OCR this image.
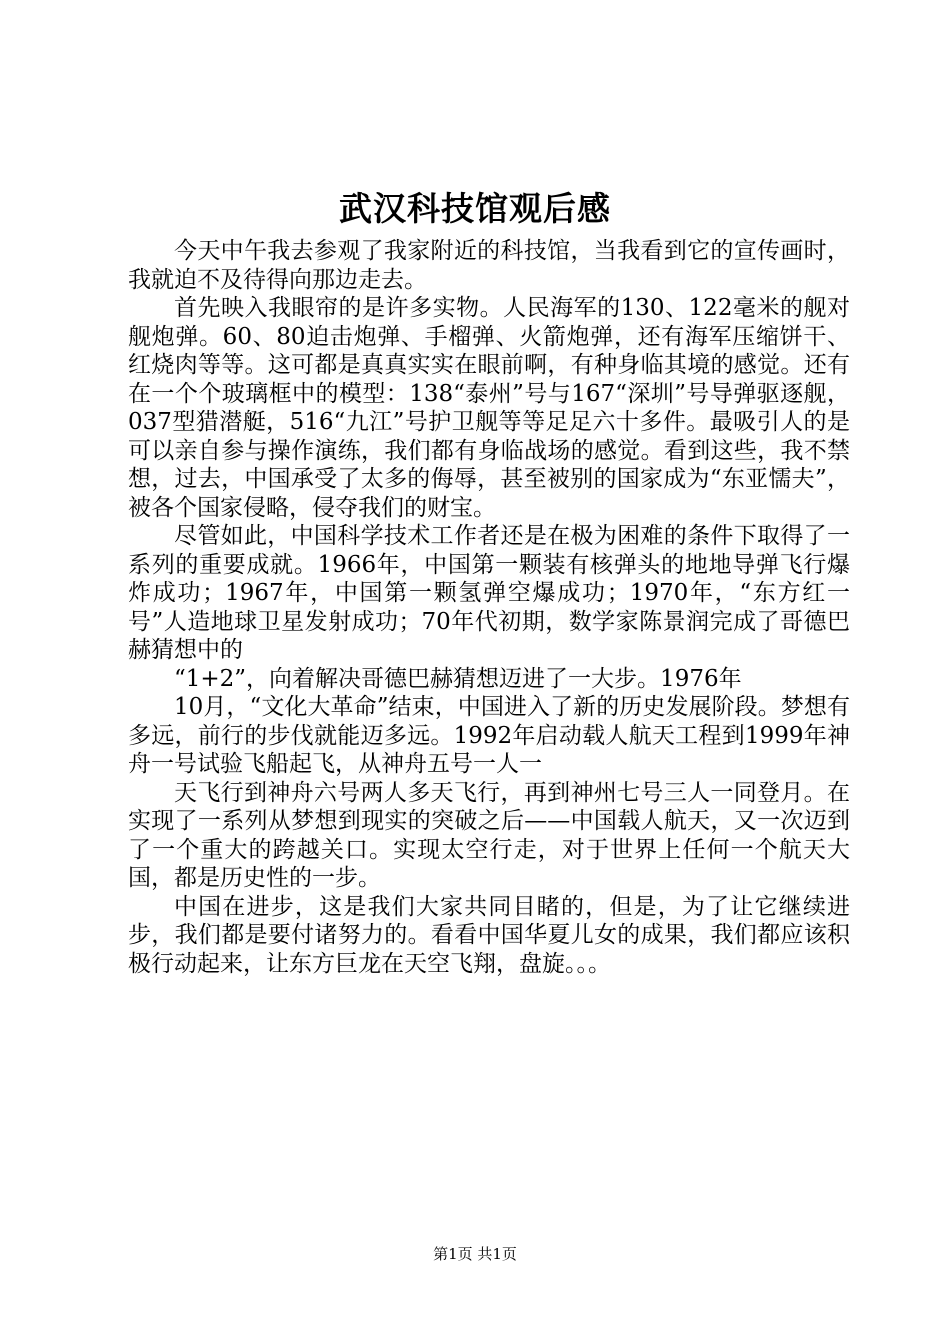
武汉科技馆观后感

今天中午我去参观了我家附近的科技馆，当我看到它的宣传画时，我就迫不及待得向那边走去。

首先映入我眼帘的是许多实物。人民海军的130、122毫米的舰对舰炮弹。60、80迫击炮弹、手榴弹、火箭炮弹，还有海军压缩饼干、红烧肉等等。这可都是真真实实在眼前啊，有种身临其境的感觉。还有在一个个玻璃框中的模型：138“泰州”号与167“深圳”号导弹驱逐舰，037型猎潜艇，516“九江”号护卫舰等等足足六十多件。最吸引人的是可以亲自参与操作演练，我们都有身临战场的感觉。看到这些，我不禁想，过去，中国承受了太多的侮辱，甚至被别的国家成为“东亚懦夫”，被各个国家侵略，侵夺我们的财宝。

尽管如此，中国科学技术工作者还是在极为困难的条件下取得了一系列的重要成就。1966年，中国第一颗装有核弹头的地地导弹飞行爆炸成功；1967年，中国第一颗氢弹空爆成功；1970年，“东方红一号”人造地球卫星发射成功；70年代初期，数学家陈景润完成了哥德巴赫猜想中的

“1+2”，向着解决哥德巴赫猜想迈进了一大步。1976年

10月，“文化大革命”结束，中国进入了新的历史发展阶段。梦想有多远，前行的步伐就能迈多远。1992年启动载人航天工程到1999年神舟一号试验飞船起飞，从神舟五号一人一

天飞行到神舟六号两人多天飞行，再到神州七号三人一同登月。在实现了一系列从梦想到现实的突破之后——中国载人航天，又一次迈到了一个重大的跨越关口。实现太空行走，对于世界上任何一个航天大国，都是历史性的一步。

中国在进步，这是我们大家共同目睹的，但是，为了让它继续进步，我们都是要付诸努力的。看看中国华夏儿女的成果，我们都应该积极行动起来，让东方巨龙在天空飞翔，盘旋。。。

第1页 共1页
